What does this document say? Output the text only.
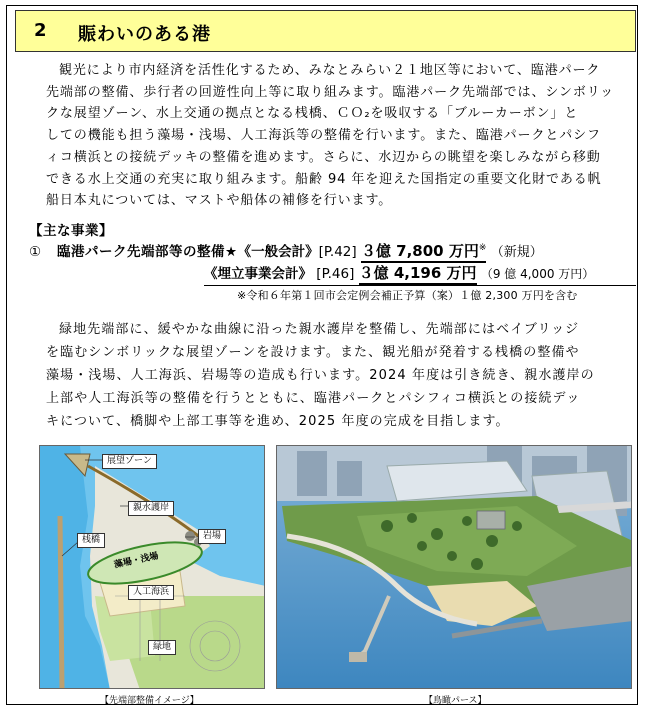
2 賑わいのある港
観光により市内経済を活性化するため、みなとみらい２１地区等において、臨港パーク
先端部の整備、歩行者の回遊性向上等に取り組みます。臨港パーク先端部では、シンボリッ
クな展望ゾーン、水上交通の拠点となる桟橋、ＣＯ₂を吸収する「ブルーカーボン」と
しての機能も担う藻場・浅場、人工海浜等の整備を行います。また、臨港パークとパシフ
ィコ横浜との接続デッキの整備を進めます。さらに、水辺からの眺望を楽しみながら移動
できる水上交通の充実に取り組みます。船齢 94 年を迎えた国指定の重要文化財である帆
船日本丸については、マストや船体の補修を行います。
【主な事業】
① 臨港パーク先端部等の整備★《一般会計》[P.42] ３億 7,800 万円※ （新規）
《埋立事業会計》 [P.46] ３億 4,196 万円 （9 億 4,000 万円）
※令和６年第１回市会定例会補正予算（案）１億 2,300 万円を含む
緑地先端部に、緩やかな曲線に沿った親水護岸を整備し、先端部にはベイブリッジ
を臨むシンボリックな展望ゾーンを設けます。また、観光船が発着する桟橋の整備や
藻場・浅場、人工海浜、岩場等の造成も行います。2024 年度は引き続き、親水護岸の
上部や人工海浜等の整備を行うとともに、臨港パークとパシフィコ横浜との接続デッ
キについて、橋脚や上部工事等を進め、2025 年度の完成を目指します。
展望ゾーン
親水護岸
桟橋	岩場
藻場・浅場
人工海浜
緑地
【先端部整備イメージ】	【鳥瞰パース】
